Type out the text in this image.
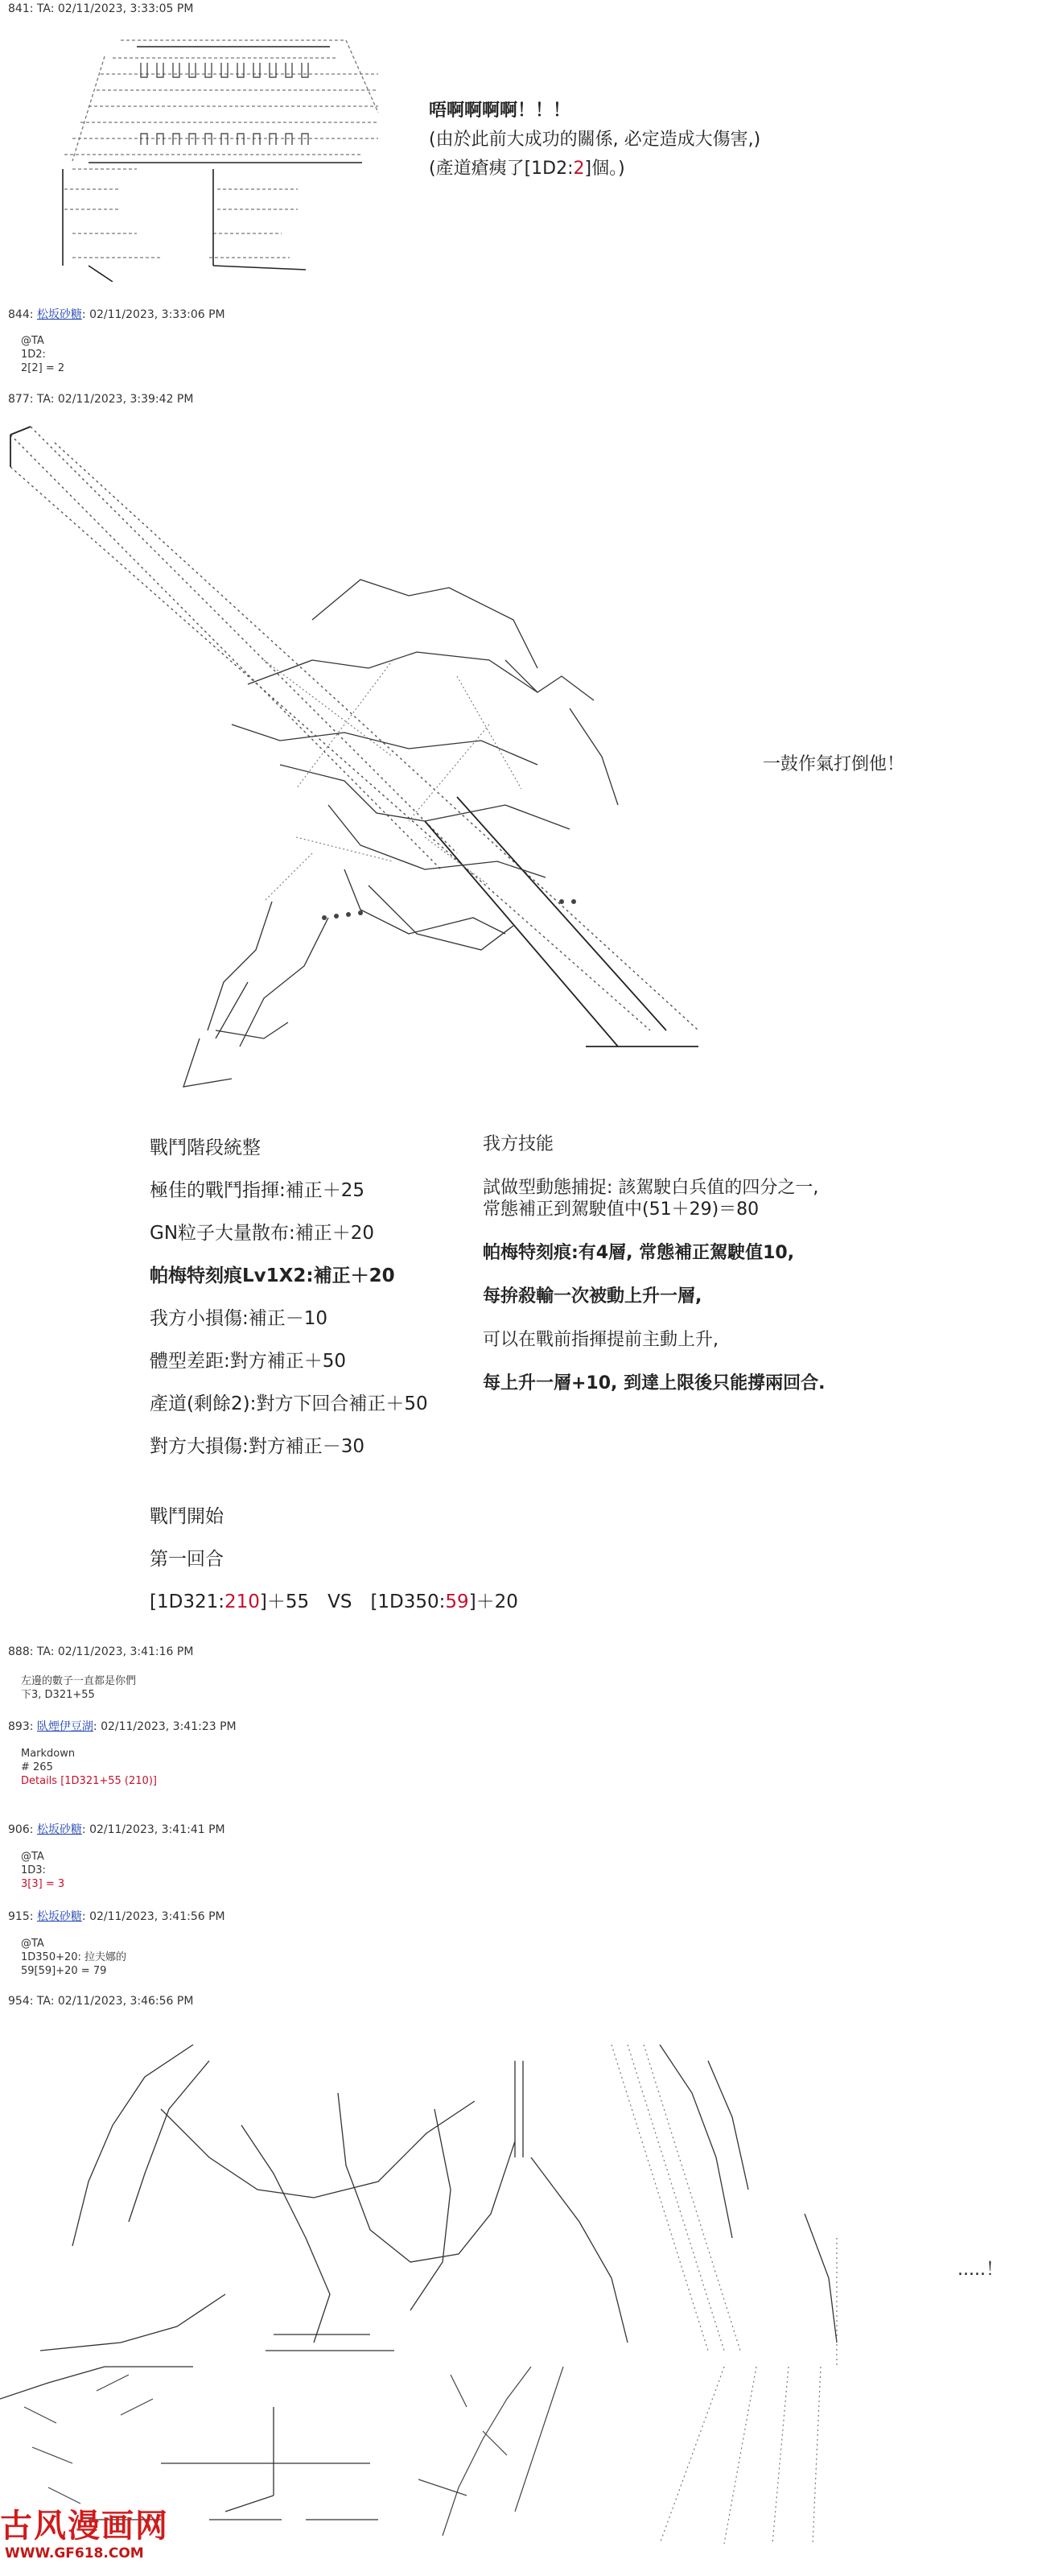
841: TA: 02/11/2023, 3:33:05 PM
唔啊啊啊啊！！！
(由於此前大成功的關係, 必定造成大傷害,)
(產道瘡痍了[1D2:2]個。)
844: 松坂砂糖: 02/11/2023, 3:33:06 PM
@TA
1D2:
2[2] = 2
877: TA: 02/11/2023, 3:39:42 PM
一鼓作氣打倒他！
戰鬥階段統整
極佳的戰鬥指揮:補正＋25
GN粒子大量散布:補正＋20
帕梅特刻痕Lv1X2:補正＋20
我方小損傷:補正－10
體型差距:對方補正＋50
產道(剩餘2):對方下回合補正＋50
對方大損傷:對方補正－30
我方技能

試做型動態捕捉: 該駕駛白兵值的四分之一,
常態補正到駕駛值中(51＋29)＝80

帕梅特刻痕:有4層, 常態補正駕駛值10,

每拚殺輸一次被動上升一層,

可以在戰前指揮提前主動上升,

每上升一層+10, 到達上限後只能撐兩回合.
戰鬥開始
第一回合
[1D321:210]＋55　VS　[1D350:59]＋20
888: TA: 02/11/2023, 3:41:16 PM
左邊的數子一直都是你們
下3, D321+55
893: 臥煙伊豆湖: 02/11/2023, 3:41:23 PM
Markdown
# 265
Details [1D321+55 (210)]
906: 松坂砂糖: 02/11/2023, 3:41:41 PM
@TA
1D3:
3[3] = 3
915: 松坂砂糖: 02/11/2023, 3:41:56 PM
@TA
1D350+20: 拉夫娜的
59[59]+20 = 79
954: TA: 02/11/2023, 3:46:56 PM
.....！
古风漫画网
WWW.GF618.COM
